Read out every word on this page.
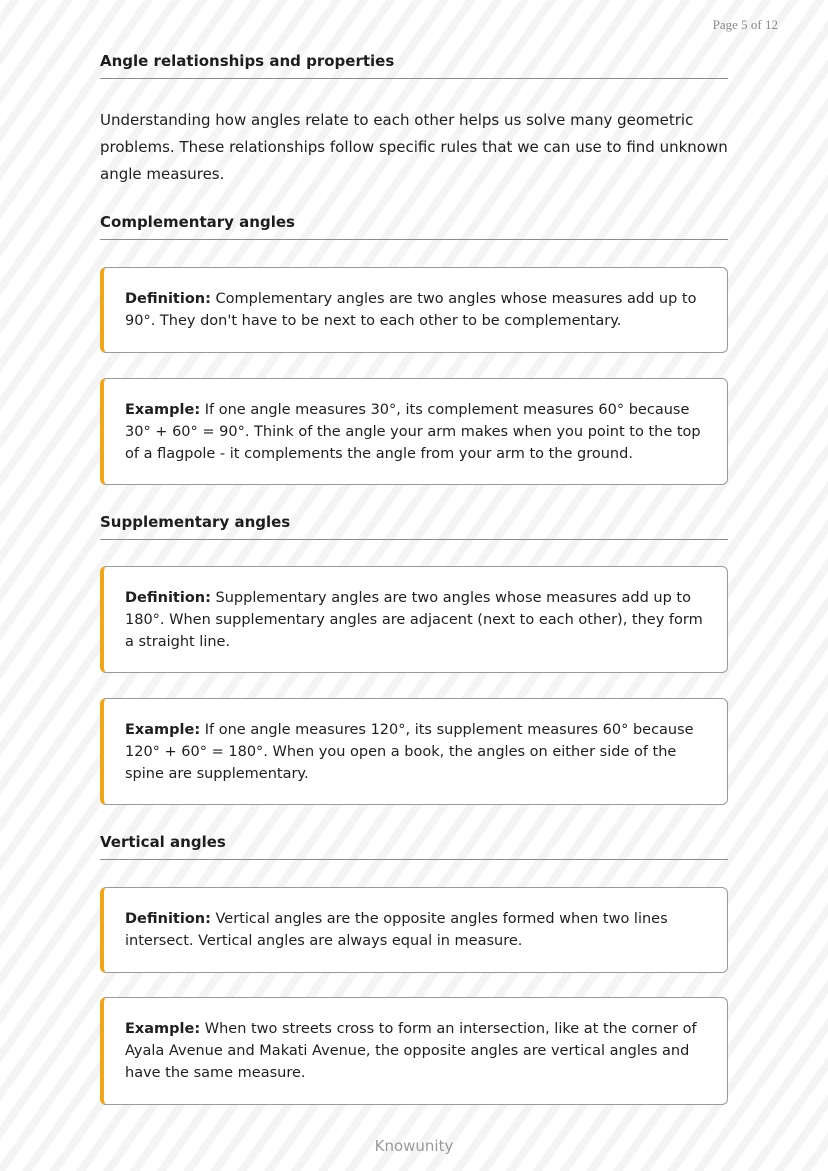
Page 5 of 12
Angle relationships and properties

Understanding how angles relate to each other helps us solve many geometric problems. These relationships follow specific rules that we can use to find unknown angle measures.

Complementary angles

Definition: Complementary angles are two angles whose measures add up to 90°. They don't have to be next to each other to be complementary.

Example: If one angle measures 30°, its complement measures 60° because 30° + 60° = 90°. Think of the angle your arm makes when you point to the top of a flagpole - it complements the angle from your arm to the ground.

Supplementary angles

Definition: Supplementary angles are two angles whose measures add up to 180°. When supplementary angles are adjacent (next to each other), they form a straight line.

Example: If one angle measures 120°, its supplement measures 60° because 120° + 60° = 180°. When you open a book, the angles on either side of the spine are supplementary.

Vertical angles

Definition: Vertical angles are the opposite angles formed when two lines intersect. Vertical angles are always equal in measure.

Example: When two streets cross to form an intersection, like at the corner of Ayala Avenue and Makati Avenue, the opposite angles are vertical angles and have the same measure.

Knowunity
